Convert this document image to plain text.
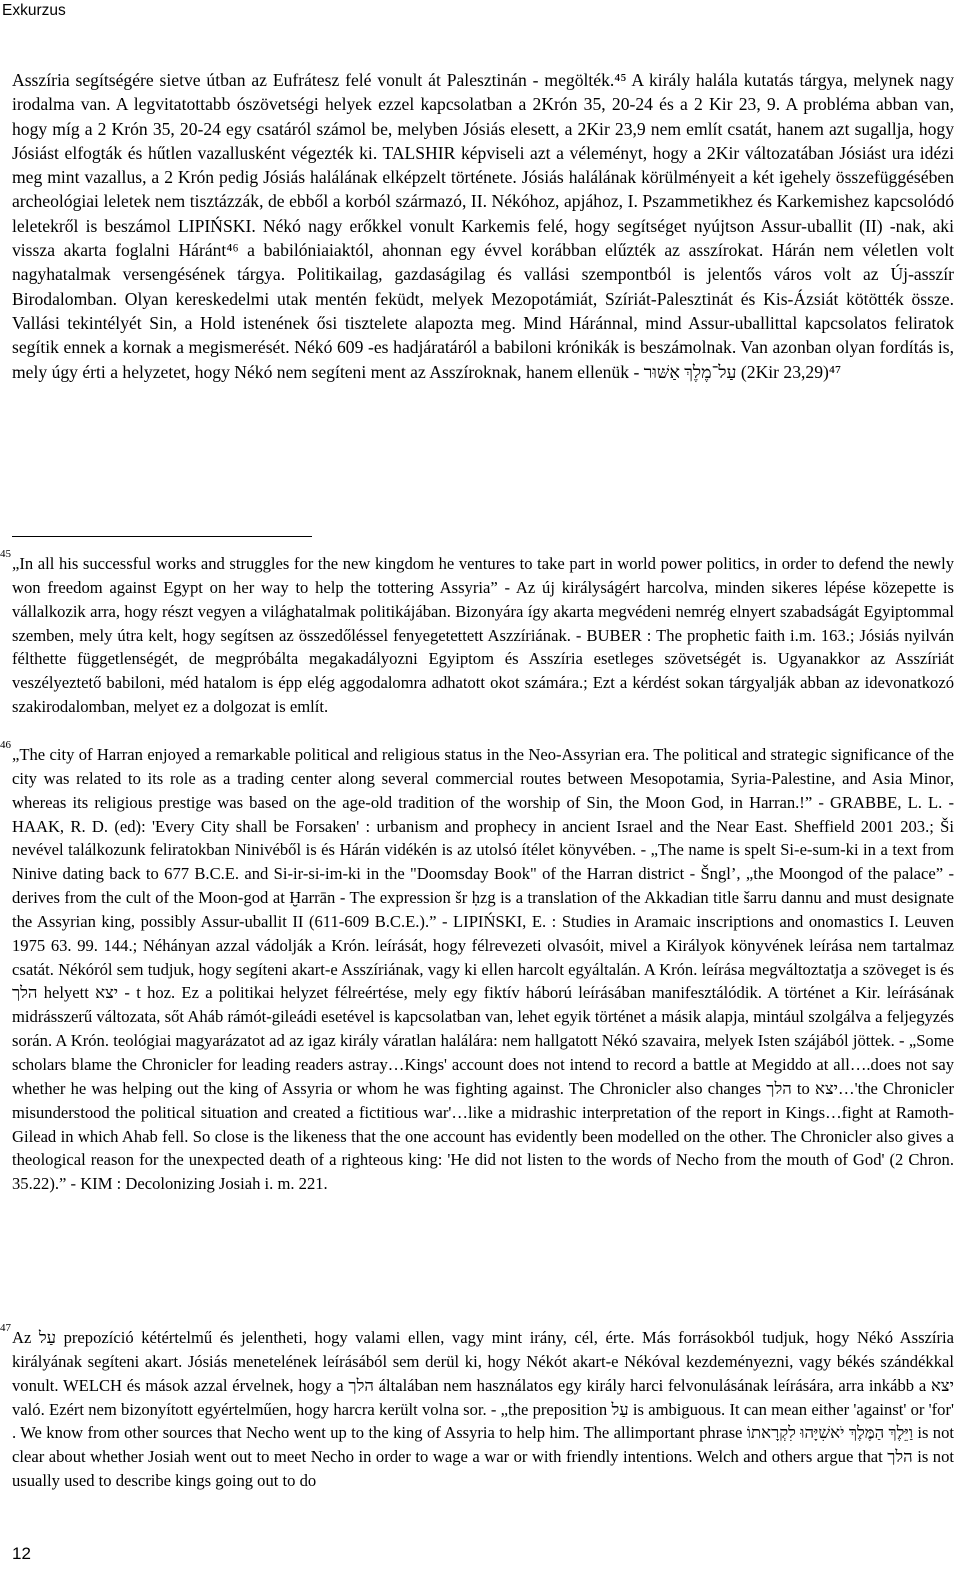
Exkurzus

Asszíria segítségére sietve útban az Eufrátesz felé vonult át Palesztinán - megölték.⁴⁵ A király halála kutatás tárgya, melynek nagy irodalma van. A legvitatottabb ószövetségi helyek ezzel kapcsolatban a 2Krón 35, 20-24 és a 2 Kir 23, 9. A probléma abban van, hogy míg a 2 Krón 35, 20-24 egy csatáról számol be, melyben Jósiás elesett, a 2Kir 23,9 nem említ csatát, hanem azt sugallja, hogy Jósiást elfogták és hűtlen vazallusként végezték ki. TALSHIR képviseli azt a véleményt, hogy a 2Kir változatában Jósiást ura idézi meg mint vazallus, a 2 Krón pedig Jósiás halálának elképzelt története. Jósiás halálának körülményeit a két igehely összefüggésében archeológiai leletek nem tisztázzák, de ebből a korból származó, II. Nékóhoz, apjához, I. Pszammetikhez és Karkemishez kapcsolódó leletekről is beszámol LIPIŃSKI. Nékó nagy erőkkel vonult Karkemis felé, hogy segítséget nyújtson Assur-uballit (II) -nak, aki vissza akarta foglalni Háránt⁴⁶ a babilóniaiaktól, ahonnan egy évvel korábban elűzték az asszírokat. Hárán nem véletlen volt nagyhatalmak versengésének tárgya. Politikailag, gazdaságilag és vallási szempontból is jelentős város volt az Új-asszír Birodalomban. Olyan kereskedelmi utak mentén feküdt, melyek Mezopotámiát, Szíriát-Palesztinát és Kis-Ázsiát kötötték össze. Vallási tekintélyét Sin, a Hold istenének ősi tisztelete alapozta meg. Mind Háránnal, mind Assur-uballittal kapcsolatos feliratok segítik ennek a kornak a megismerését. Nékó 609 -es hadjáratáról a babiloni krónikák is beszámolnak. Van azonban olyan fordítás is, mely úgy érti a helyzetet, hogy Nékó nem segíteni ment az Asszíroknak, hanem ellenük - עַל־מֶלֶךְ אַשּׁוּר (2Kir 23,29)⁴⁷

45 „In all his successful works and struggles for the new kingdom he ventures to take part in world power politics, in order to defend the newly won freedom against Egypt on her way to help the tottering Assyria” - Az új királyságért harcolva, minden sikeres lépése közepette is vállalkozik arra, hogy részt vegyen a világhatalmak politikájában. Bizonyára így akarta megvédeni nemrég elnyert szabadságát Egyiptommal szemben, mely útra kelt, hogy segítsen az összedőléssel fenyegetettett Aszzíriának. - BUBER : The prophetic faith i.m. 163.; Jósiás nyilván félthette függetlenségét, de megpróbálta megakadályozni Egyiptom és Asszíria esetleges szövetségét is. Ugyanakkor az Asszíriát veszélyeztető babiloni, méd hatalom is épp elég aggodalomra adhatott okot számára.; Ezt a kérdést sokan tárgyalják abban az idevonatkozó szakirodalomban, melyet ez a dolgozat is említ.

46 „The city of Harran enjoyed a remarkable political and religious status in the Neo-Assyrian era. The political and strategic significance of the city was related to its role as a trading center along several commercial routes between Mesopotamia, Syria-Palestine, and Asia Minor, whereas its religious prestige was based on the age-old tradition of the worship of Sin, the Moon God, in Harran.!” - GRABBE, L. L. - HAAK, R. D. (ed): 'Every City shall be Forsaken' : urbanism and prophecy in ancient Israel and the Near East. Sheffield 2001 203.; Ši nevével találkozunk feliratokban Ninivéből is és Hárán vidékén is az utolsó ítélet könyvében. - „The name is spelt Si-e-sum-ki in a text from Ninive dating back to 677 B.C.E. and Si-ir-si-im-ki in the "Doomsday Book" of the Harran district - Šngl’, „the Moongod of the palace” - derives from the cult of the Moon-god at Ḫarrān - The expression šr ḥzg is a translation of the Akkadian title šarru dannu and must designate the Assyrian king, possibly Assur-uballit II (611-609 B.C.E.).” - LIPIŃSKI, E. : Studies in Aramaic inscriptions and onomastics I. Leuven 1975 63. 99. 144.; Néhányan azzal vádolják a Krón. leírását, hogy félrevezeti olvasóit, mivel a Királyok könyvének leírása nem tartalmaz csatát. Nékóról sem tudjuk, hogy segíteni akart-e Asszíriának, vagy ki ellen harcolt egyáltalán. A Krón. leírása megváltoztatja a szöveget is és הלך helyett יצא - t hoz. Ez a politikai helyzet félreértése, mely egy fiktív háború leírásában manifesztálódik. A történet a Kir. leírásának midrásszerű változata, sőt Aháb rámót-gileádi esetével is kapcsolatban van, lehet egyik történet a másik alapja, mintául szolgálva a feljegyzés során. A Krón. teológiai magyarázatot ad az igaz király váratlan halálára: nem hallgatott Nékó szavaira, melyek Isten szájából jöttek. - „Some scholars blame the Chronicler for leading readers astray…Kings' account does not intend to record a battle at Megiddo at all….does not say whether he was helping out the king of Assyria or whom he was fighting against. The Chronicler also changes הלך to יצא…'the Chronicler misunderstood the political situation and created a fictitious war'…like a midrashic interpretation of the report in Kings…fight at Ramoth-Gilead in which Ahab fell. So close is the likeness that the one account has evidently been modelled on the other. The Chronicler also gives a theological reason for the unexpected death of a righteous king: 'He did not listen to the words of Necho from the mouth of God' (2 Chron. 35.22).” - KIM : Decolonizing Josiah i. m. 221.

47 Az עַל prepozíció kétértelmű és jelentheti, hogy valami ellen, vagy mint irány, cél, érte. Más forrásokból tudjuk, hogy Nékó Asszíria királyának segíteni akart. Jósiás menetelének leírásából sem derül ki, hogy Nékót akart-e Nékóval kezdeményezni, vagy békés szándékkal vonult. WELCH és mások azzal érvelnek, hogy a הלך általában nem használatos egy király harci felvonulásának leírására, arra inkább a יצא való. Ezért nem bizonyított egyértelműen, hogy harcra került volna sor. - „the preposition עַל is ambiguous. It can mean either 'against' or 'for' . We know from other sources that Necho went up to the king of Assyria to help him. The allimportant phrase וַיֵּלֶךְ הַמֶּלֶךְ יֹאשִׁיָּהוּ לִקְרָאתוֹ is not clear about whether Josiah went out to meet Necho in order to wage a war or with friendly intentions. Welch and others argue that הלך is not usually used to describe kings going out to do

12
